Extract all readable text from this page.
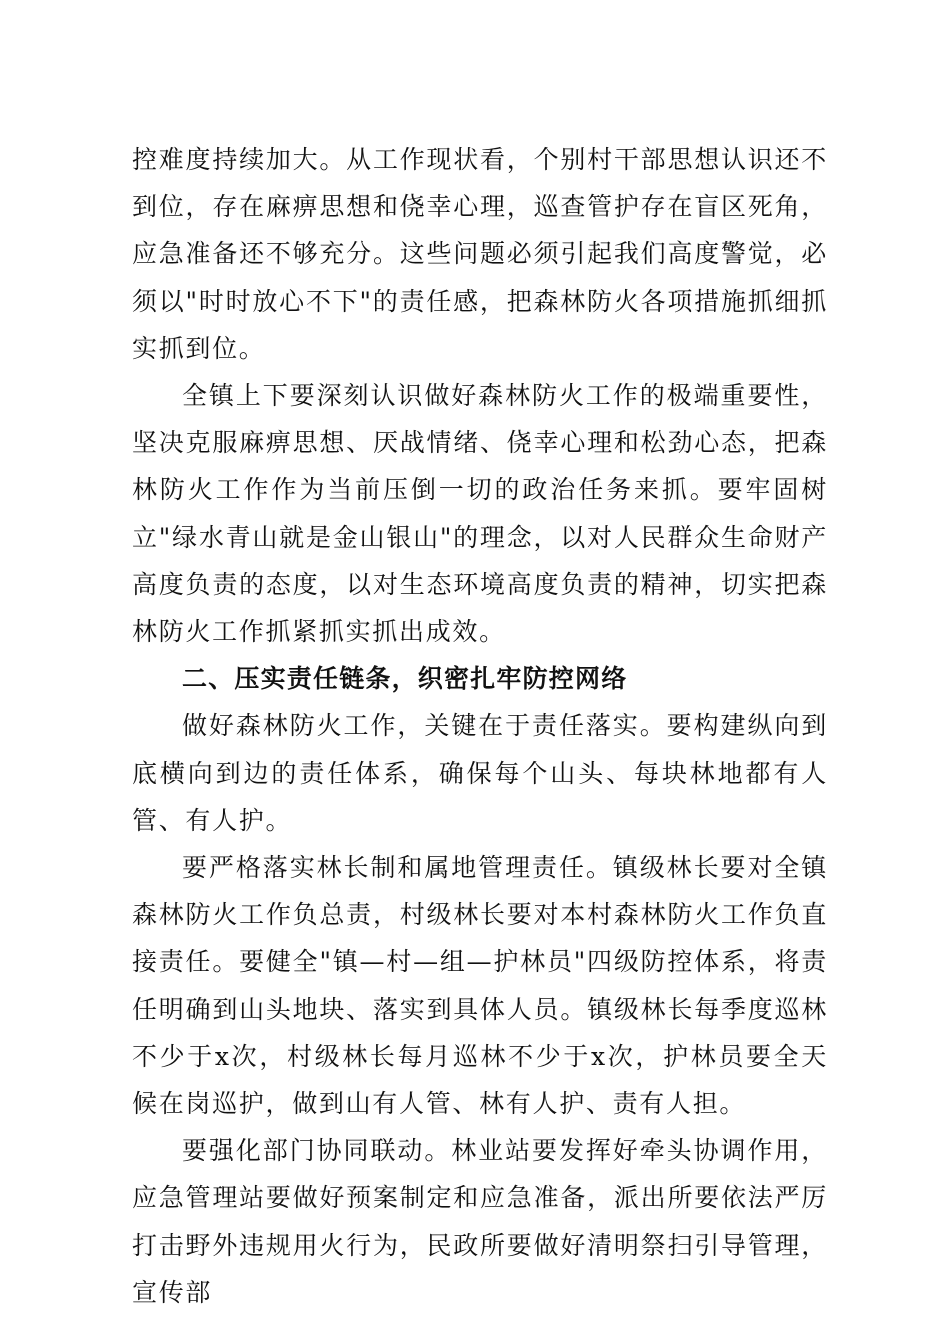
控难度持续加大。从工作现状看，个别村干部思想认识还不到位，存在麻痹思想和侥幸心理，巡查管护存在盲区死角，应急准备还不够充分。这些问题必须引起我们高度警觉，必须以"时时放心不下"的责任感，把森林防火各项措施抓细抓实抓到位。

全镇上下要深刻认识做好森林防火工作的极端重要性，坚决克服麻痹思想、厌战情绪、侥幸心理和松劲心态，把森林防火工作作为当前压倒一切的政治任务来抓。要牢固树立"绿水青山就是金山银山"的理念，以对人民群众生命财产高度负责的态度，以对生态环境高度负责的精神，切实把森林防火工作抓紧抓实抓出成效。

二、压实责任链条，织密扎牢防控网络

做好森林防火工作，关键在于责任落实。要构建纵向到底横向到边的责任体系，确保每个山头、每块林地都有人管、有人护。

要严格落实林长制和属地管理责任。镇级林长要对全镇森林防火工作负总责，村级林长要对本村森林防火工作负直接责任。要健全"镇—村—组—护林员"四级防控体系，将责任明确到山头地块、落实到具体人员。镇级林长每季度巡林不少于x次，村级林长每月巡林不少于x次，护林员要全天候在岗巡护，做到山有人管、林有人护、责有人担。

要强化部门协同联动。林业站要发挥好牵头协调作用，应急管理站要做好预案制定和应急准备，派出所要依法严厉打击野外违规用火行为，民政所要做好清明祭扫引导管理，宣传部
